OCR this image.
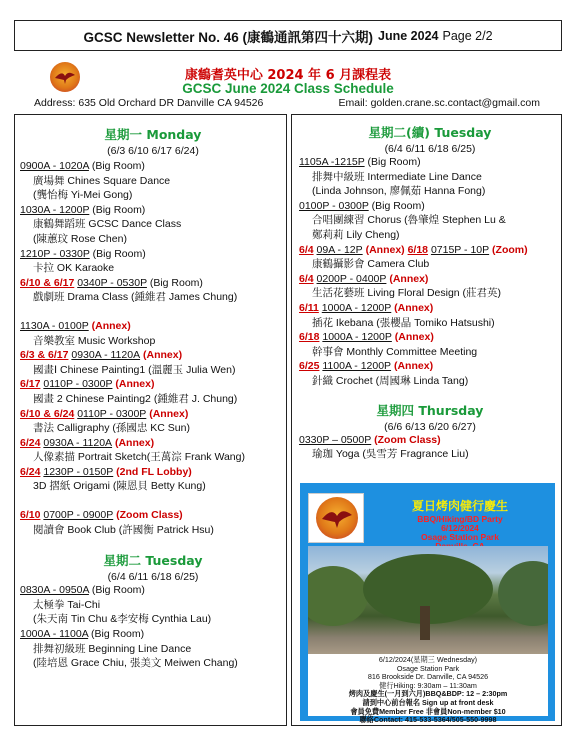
GCSC Newsletter No. 46 (康鶴通訊第四十六期) June 2024 Page 2/2
康鶴耆英中心 2024 年 6 月課程表
GCSC June 2024 Class Schedule
Address: 635 Old Orchard DR Danville CA 94526	Email: golden.crane.sc.contact@gmail.com
星期一 Monday
(6/3 6/10 6/17 6/24)
0900A - 1020A (Big Room)
廣場舞 Chines Square Dance
(龔怡梅 Yi-Mei Gong)
1030A - 1200P (Big Room)
康鶴舞蹈班 GCSC Dance Class
(陳蕙玟 Rose Chen)
1210P - 0330P (Big Room)
卡拉 OK Karaoke
6/10 & 6/17 0340P - 0530P (Big Room)
戲劇班 Drama Class (鍾維君 James Chung)
1130A - 0100P (Annex)
音樂教室 Music Workshop
6/3 & 6/17 0930A - 1120A (Annex)
國畫Ⅰ Chinese Painting1 (溫麗玉 Julia Wen)
6/17 0110P - 0300P (Annex)
國畫 2 Chinese Painting2 (鍾維君 J. Chung)
6/10 & 6/24 0110P - 0300P (Annex)
書法 Calligraphy (孫國忠 KC Sun)
6/24 0930A - 1120A (Annex)
人像素描 Portrait Sketch(王萬淙 Frank Wang)
6/24 1230P - 0150P (2nd FL Lobby)
3D 摺紙 Origami (陳恩貝 Betty Kung)
6/10 0700P - 0900P (Zoom Class)
閱讀會 Book Club (許國衡 Patrick Hsu)
星期二 Tuesday
(6/4 6/11 6/18 6/25)
0830A - 0950A (Big Room)
太極拳 Tai-Chi
(朱天南 Tin Chu &李安梅 Cynthia Lau)
1000A - 1100A (Big Room)
排舞初級班 Beginning Line Dance
(陸培恩 Grace Chiu, 張美文 Meiwen Chang)
星期二(續) Tuesday
(6/4 6/11 6/18 6/25)
1105A -1215P (Big Room)
排舞中級班 Intermediate Line Dance
(Linda Johnson, 廖佩茹 Hanna Fong)
0100P - 0300P (Big Room)
合唱團練習 Chorus (魯肇煌 Stephen Lu &
鄭莉莉 Lily Cheng)
6/4 09A - 12P (Annex) 6/18 0715P - 10P (Zoom)
康鶴攝影會 Camera Club
6/4 0200P - 0400P (Annex)
生活花藝班 Living Floral Design (莊君英)
6/11 1000A - 1200P (Annex)
插花 Ikebana (張櫻晶 Tomiko Hatsushi)
6/18 1000A - 1200P (Annex)
幹事會 Monthly Committee Meeting
6/25 1100A - 1200P (Annex)
針織 Crochet (周國琳 Linda Tang)
星期四 Thursday
(6/6 6/13 6/20 6/27)
0330P – 0500P (Zoom Class)
瑜珈 Yoga (吳雪芳 Fragrance Liu)
夏日烤肉健行慶生
BBQ/Hiking/BD Party
6/12/2024
Osage Station Park
6/12/2024(星期三 Wednesday)
Osage Station Park
816 Brookside Dr. Danville, CA 94526
健行Hiking: 9:30am – 11:30am
烤肉及慶生(一月到六月)BBQ&BDP: 12 – 2:30pm
請到中心前台報名 Sign up at front desk
會員免費Member Free 非會員Non-member $10
聯絡Contact: 415-533-5364/505-550-9998
